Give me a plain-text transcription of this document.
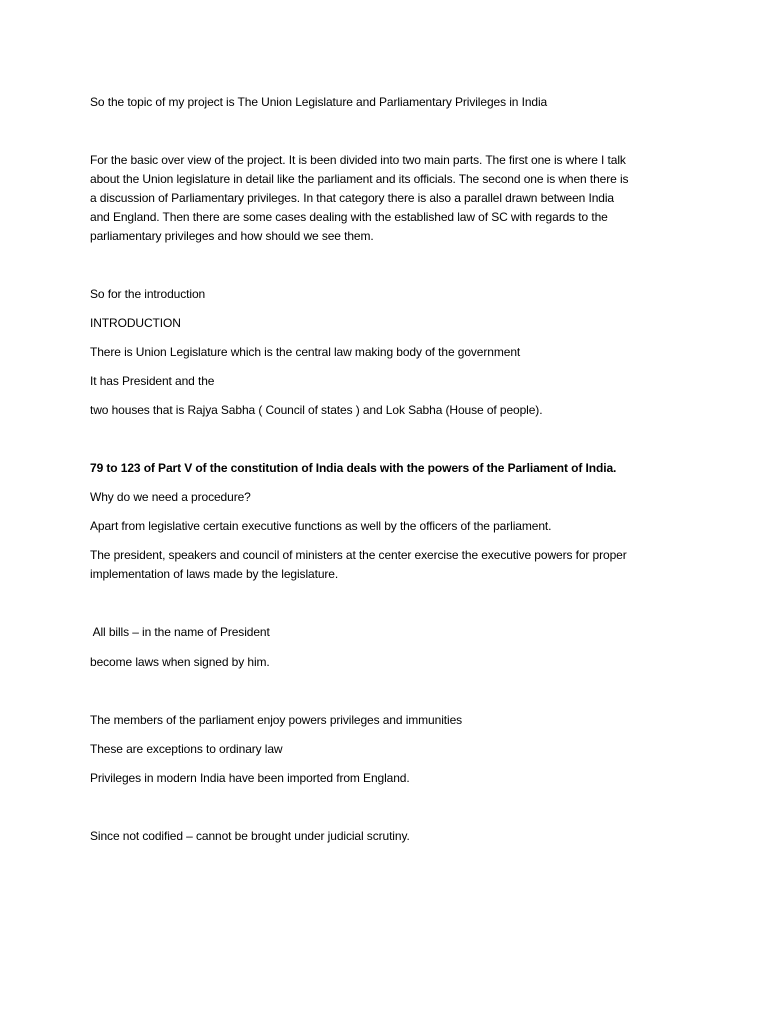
So the topic of my project is The Union Legislature and Parliamentary Privileges in India

For the basic over view of the project. It is been divided into two main parts. The first one is where I talk
about the Union legislature in detail like the parliament and its officials. The second one is when there is
a discussion of Parliamentary privileges. In that category there is also a parallel drawn between India
and England. Then there are some cases dealing with the established law of SC with regards to the
parliamentary privileges and how should we see them.

So for the introduction

INTRODUCTION

There is Union Legislature which is the central law making body of the government

It has President and the

two houses that is Rajya Sabha ( Council of states ) and Lok Sabha (House of people).

79 to 123 of Part V of the constitution of India deals with the powers of the Parliament of India.

Why do we need a procedure?

Apart from legislative certain executive functions as well by the officers of the parliament.

The president, speakers and council of ministers at the center exercise the executive powers for proper
implementation of laws made by the legislature.

All bills – in the name of President

become laws when signed by him.

The members of the parliament enjoy powers privileges and immunities

These are exceptions to ordinary law

Privileges in modern India have been imported from England.

Since not codified – cannot be brought under judicial scrutiny.
